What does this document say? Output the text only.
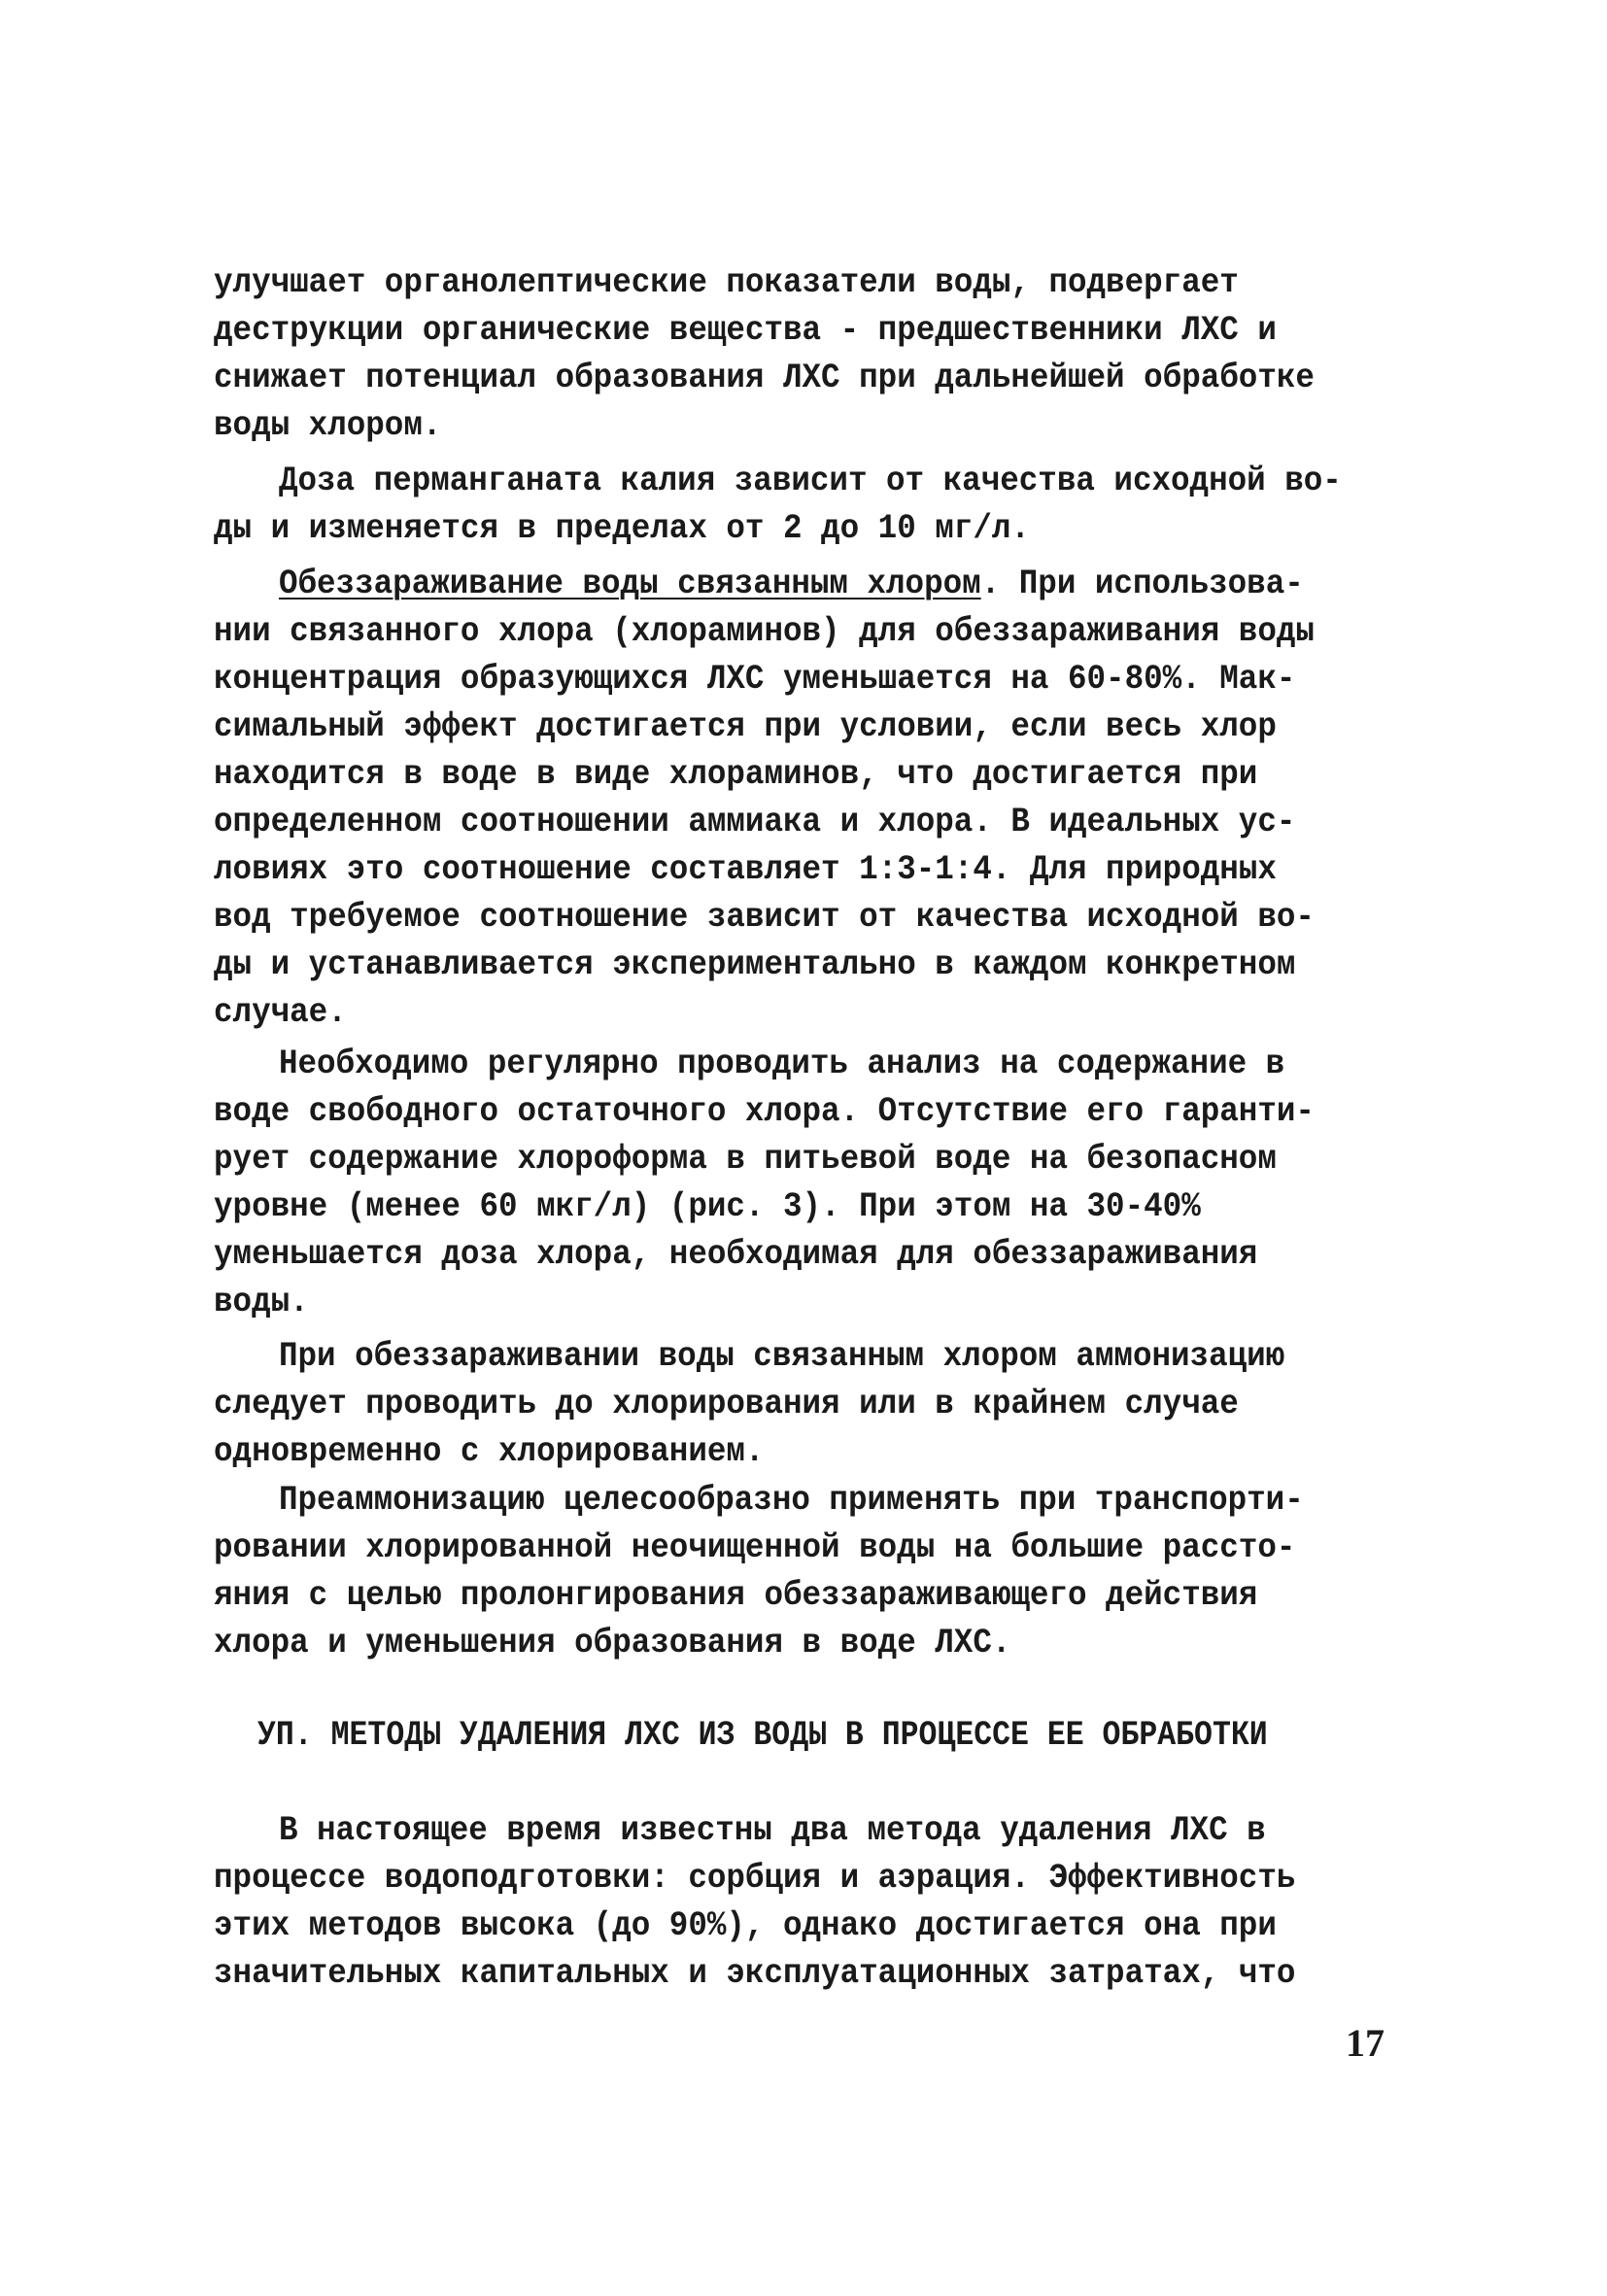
улучшает органолептические показатели воды, подвергает
деструкции органические вещества - предшественники ЛХС и
снижает потенциал образования ЛХС при дальнейшей обработке
воды хлором.
Доза перманганата калия зависит от качества исходной во-
ды и изменяется в пределах от 2 до 10 мг/л.
Обеззараживание воды связанным хлором. При использова-
нии связанного хлора (хлораминов) для обеззараживания воды
концентрация образующихся ЛХС уменьшается на 60-80%. Мак-
симальный эффект достигается при условии, если весь хлор
находится в воде в виде хлораминов, что достигается при
определенном соотношении аммиака и хлора. В идеальных ус-
ловиях это соотношение составляет 1:3-1:4. Для природных
вод требуемое соотношение зависит от качества исходной во-
ды и устанавливается экспериментально в каждом конкретном
случае.
Необходимо регулярно проводить анализ на содержание в
воде свободного остаточного хлора. Отсутствие его гаранти-
рует содержание хлороформа в питьевой воде на безопасном
уровне (менее 60 мкг/л) (рис. 3). При этом на 30-40%
уменьшается доза хлора, необходимая для обеззараживания
воды.
При обеззараживании воды связанным хлором аммонизацию
следует проводить до хлорирования или в крайнем случае
одновременно с хлорированием.
Преаммонизацию целесообразно применять при транспорти-
ровании хлорированной неочищенной воды на большие рассто-
яния с целью пролонгирования обеззараживающего действия
хлора и уменьшения образования в воде ЛХС.
УП. МЕТОДЫ УДАЛЕНИЯ ЛХС ИЗ ВОДЫ В ПРОЦЕССЕ ЕЕ ОБРАБОТКИ
В настоящее время известны два метода удаления ЛХС в
процессе водоподготовки: сорбция и аэрация. Эффективность
этих методов высока (до 90%), однако достигается она при
значительных капитальных и эксплуатационных затратах, что
17
